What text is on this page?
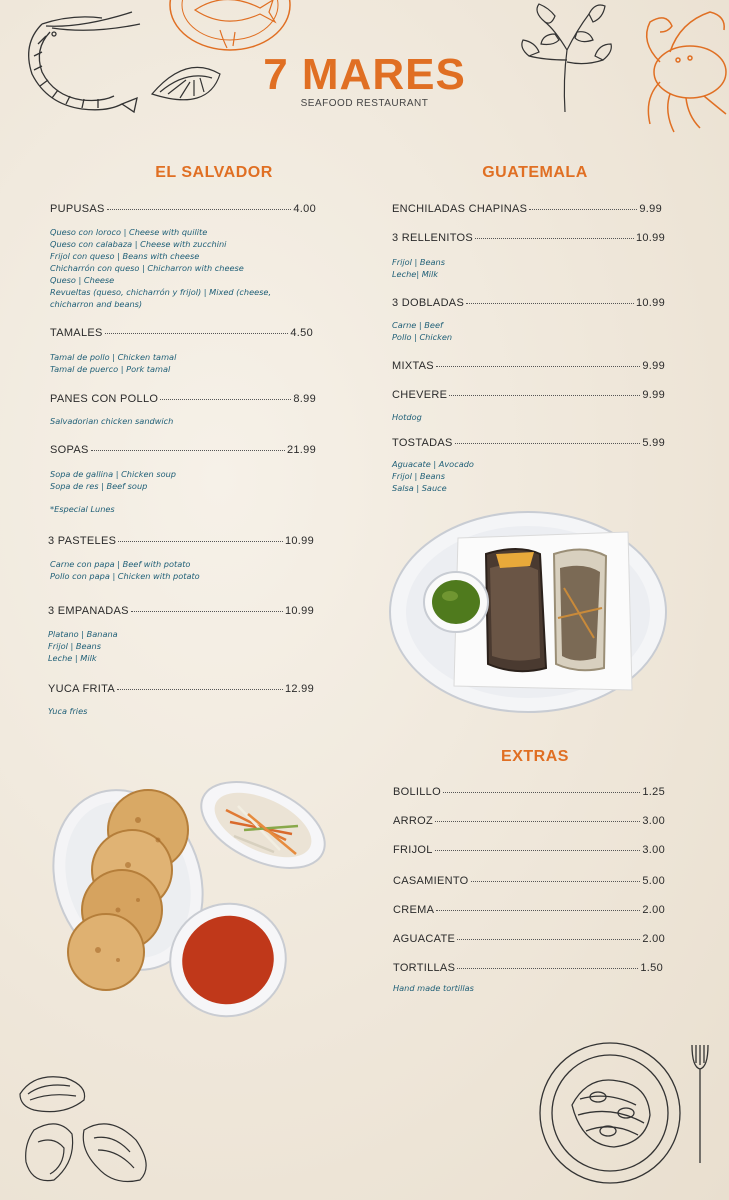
7 MARES
SEAFOOD RESTAURANT
EL SALVADOR
PUPUSAS	4.00
Queso con loroco | Cheese with quilite
Queso con calabaza | Cheese with zucchini
Frijol con queso | Beans with cheese
Chicharrón con queso | Chicharron with cheese
Queso | Cheese
Revueltas (queso, chicharrón y frijol) | Mixed (cheese,
chicharron and beans)
TAMALES	4.50
Tamal de pollo | Chicken tamal
Tamal de puerco | Pork tamal
PANES CON POLLO	8.99
Salvadorian chicken sandwich
SOPAS	21.99
Sopa de gallina | Chicken soup
Sopa de res | Beef soup
*Especial Lunes
3 PASTELES	10.99
Carne con papa | Beef with potato
Pollo con papa | Chicken with potato
3 EMPANADAS	10.99
Platano | Banana
Frijol | Beans
Leche | Milk
YUCA FRITA	12.99
Yuca fries
GUATEMALA
ENCHILADAS CHAPINAS	9.99
3 RELLENITOS	10.99
Frijol | Beans
Leche| Milk
3 DOBLADAS	10.99
Carne | Beef
Pollo | Chicken
MIXTAS	9.99
CHEVERE	9.99
Hotdog
TOSTADAS	5.99
Aguacate | Avocado
Frijol | Beans
Salsa | Sauce
EXTRAS
BOLILLO	1.25
ARROZ	3.00
FRIJOL	3.00
CASAMIENTO	5.00
CREMA	2.00
AGUACATE	2.00
TORTILLAS	1.50
Hand made tortillas
